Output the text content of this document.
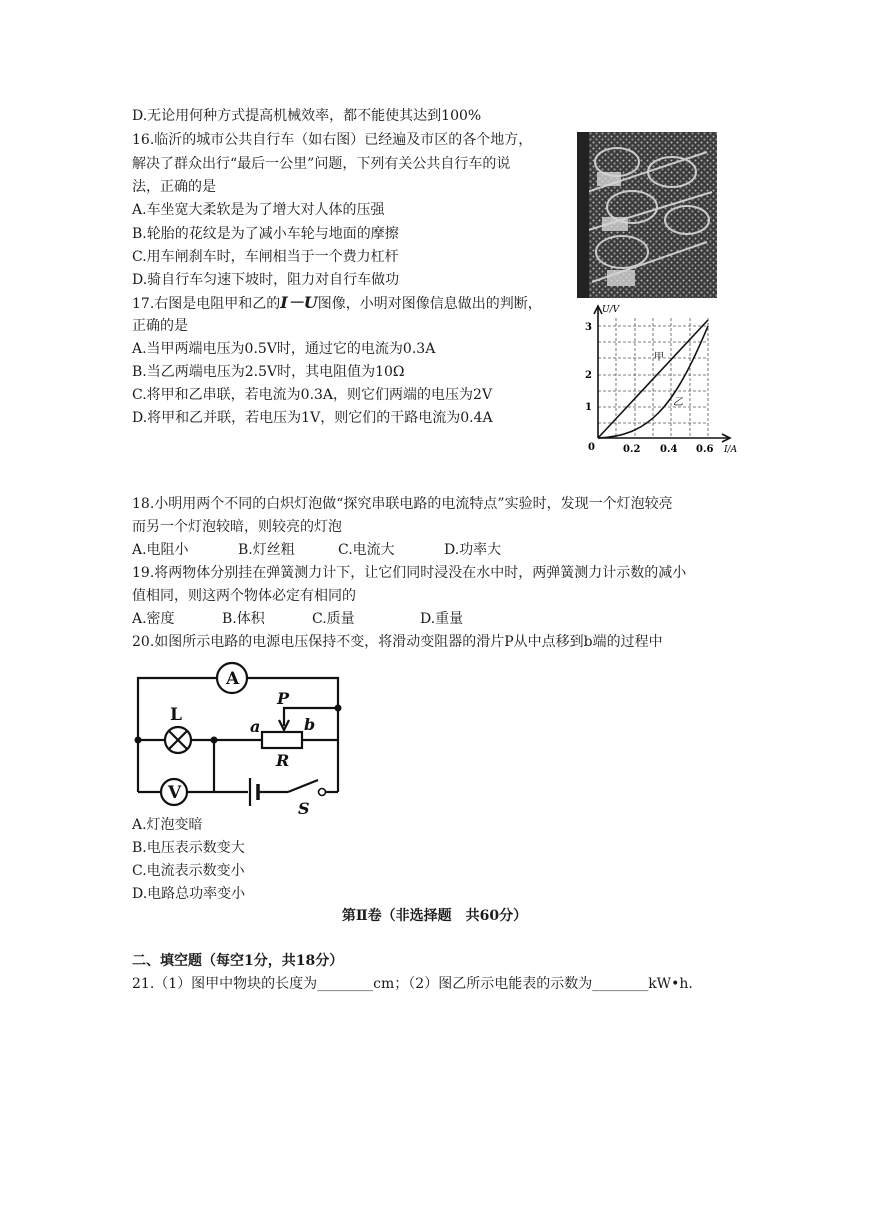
D.无论用何种方式提高机械效率，都不能使其达到100%
16.临沂的城市公共自行车（如右图）已经遍及市区的各个地方，
解决了群众出行“最后一公里”问题，下列有关公共自行车的说
法，正确的是
A.车坐宽大柔软是为了增大对人体的压强
B.轮胎的花纹是为了减小车轮与地面的摩擦
C.用车闸刹车时，车闸相当于一个费力杠杆
D.骑自行车匀速下坡时，阻力对自行车做功
17.右图是电阻甲和乙的I－U图像，小明对图像信息做出的判断，
正确的是
A.当甲两端电压为0.5V时，通过它的电流为0.3A
B.当乙两端电压为2.5V时，其电阻值为10Ω
C.将甲和乙串联，若电流为0.3A，则它们两端的电压为2V
D.将甲和乙并联，若电压为1V，则它们的干路电流为0.4A
U/V
I/A
0
1
2
3
0.2 0.4 0.6
甲
乙
18.小明用两个不同的白炽灯泡做“探究串联电路的电流特点”实验时，发现一个灯泡较亮
而另一个灯泡较暗，则较亮的灯泡
A.电阻小	B.灯丝粗	C.电流大	D.功率大
19.将两物体分别挂在弹簧测力计下，让它们同时浸没在水中时，两弹簧测力计示数的减小
值相同，则这两个物体必定有相同的
A.密度	B.体积	C.质量	D.重量
20.如图所示电路的电源电压保持不变，将滑动变阻器的滑片P从中点移到b端的过程中
A
V
L
P
a	b
R
S
A.灯泡变暗
B.电压表示数变大
C.电流表示数变小
D.电路总功率变小
第Ⅱ卷（非选择题　共60分）
二、填空题（每空1分，共18分）
21.（1）图甲中物块的长度为________cm；（2）图乙所示电能表的示数为________kW•h.
